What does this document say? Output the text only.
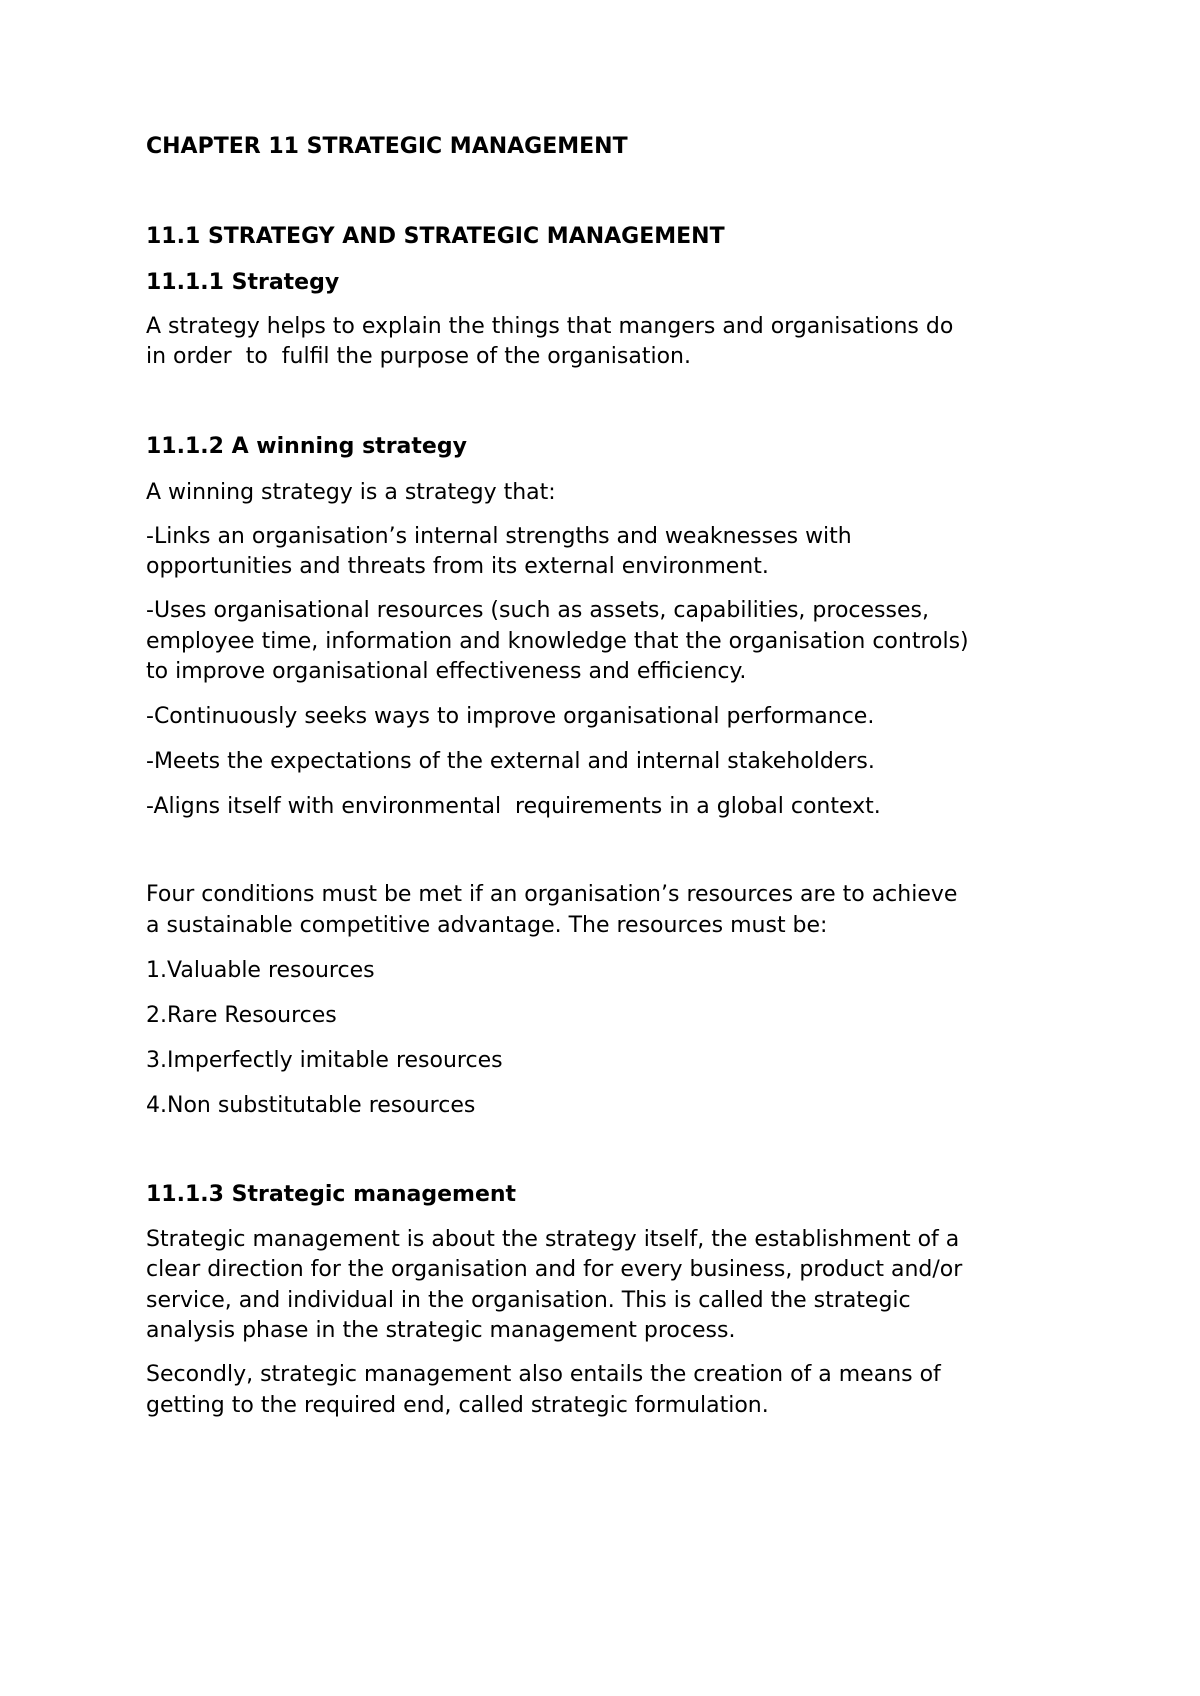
CHAPTER 11 STRATEGIC MANAGEMENT

11.1 STRATEGY AND STRATEGIC MANAGEMENT

11.1.1 Strategy

A strategy helps to explain the things that mangers and organisations do

in order  to  fulfil the purpose of the organisation.

11.1.2 A winning strategy

A winning strategy is a strategy that:

-Links an organisation’s internal strengths and weaknesses with

opportunities and threats from its external environment.

-Uses organisational resources (such as assets, capabilities, processes,

employee time, information and knowledge that the organisation controls)

to improve organisational effectiveness and efficiency.

-Continuously seeks ways to improve organisational performance.

-Meets the expectations of the external and internal stakeholders.

-Aligns itself with environmental  requirements in a global context.

Four conditions must be met if an organisation’s resources are to achieve

a sustainable competitive advantage. The resources must be:

1.Valuable resources

2.Rare Resources

3.Imperfectly imitable resources

4.Non substitutable resources

11.1.3 Strategic management

Strategic management is about the strategy itself, the establishment of a

clear direction for the organisation and for every business, product and/or

service, and individual in the organisation. This is called the strategic

analysis phase in the strategic management process.

Secondly, strategic management also entails the creation of a means of

getting to the required end, called strategic formulation.
